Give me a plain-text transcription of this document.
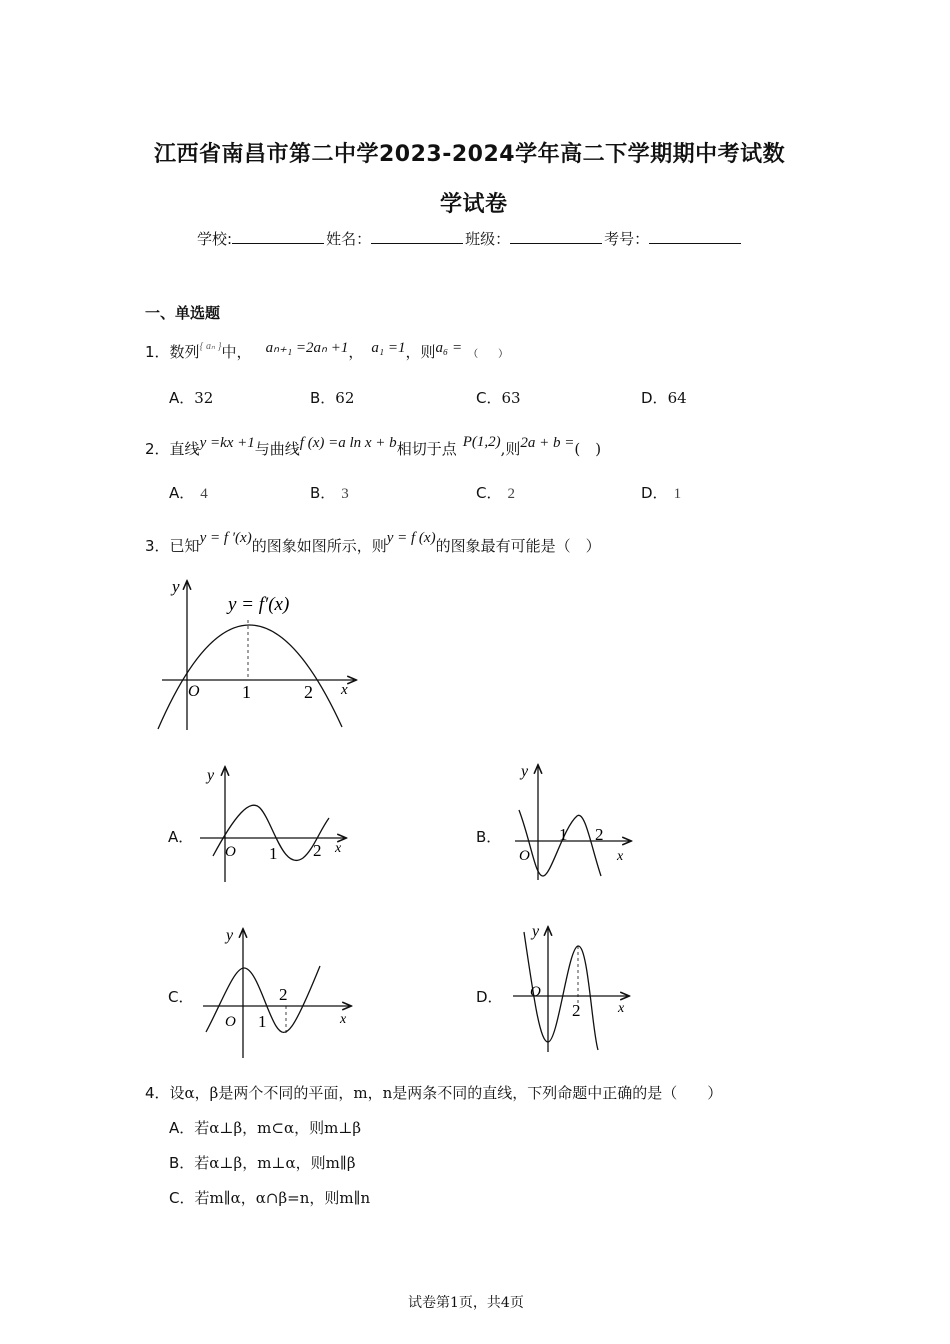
江西省南昌市第二中学2023-2024学年高二下学期期中考试数
学试卷
学校:	姓名：	班级：	考号：
一、单选题
1．数列$^{\{ a_n \}}$中， aₙ₊₁ =2aₙ +1， a₁ =1，则a₆ = （　　）
A．32	B．62	C．63	D．64
2．直线y =kx +1与曲线f (x) =a ln x + b相切于点 P(1,2),则2a + b =(　)
A． 4	B． 3	C． 2	D． 1
3．已知y = f ′(x)的图象如图所示，则y = f (x)的图象最有可能是（　）
y
y = f′(x)
O 1	2 x
A．
y
O 1 2 x
B．
y
O
1 2
x
C．
y
O 1
2
x
D．
y
O
2	x
4．设α，β是两个不同的平面，m，n是两条不同的直线，下列命题中正确的是（　　）
A．若α⊥β，m⊂α，则m⊥β
B．若α⊥β，m⊥α，则m∥β
C．若m∥α，α∩β=n，则m∥n
试卷第1页，共4页
